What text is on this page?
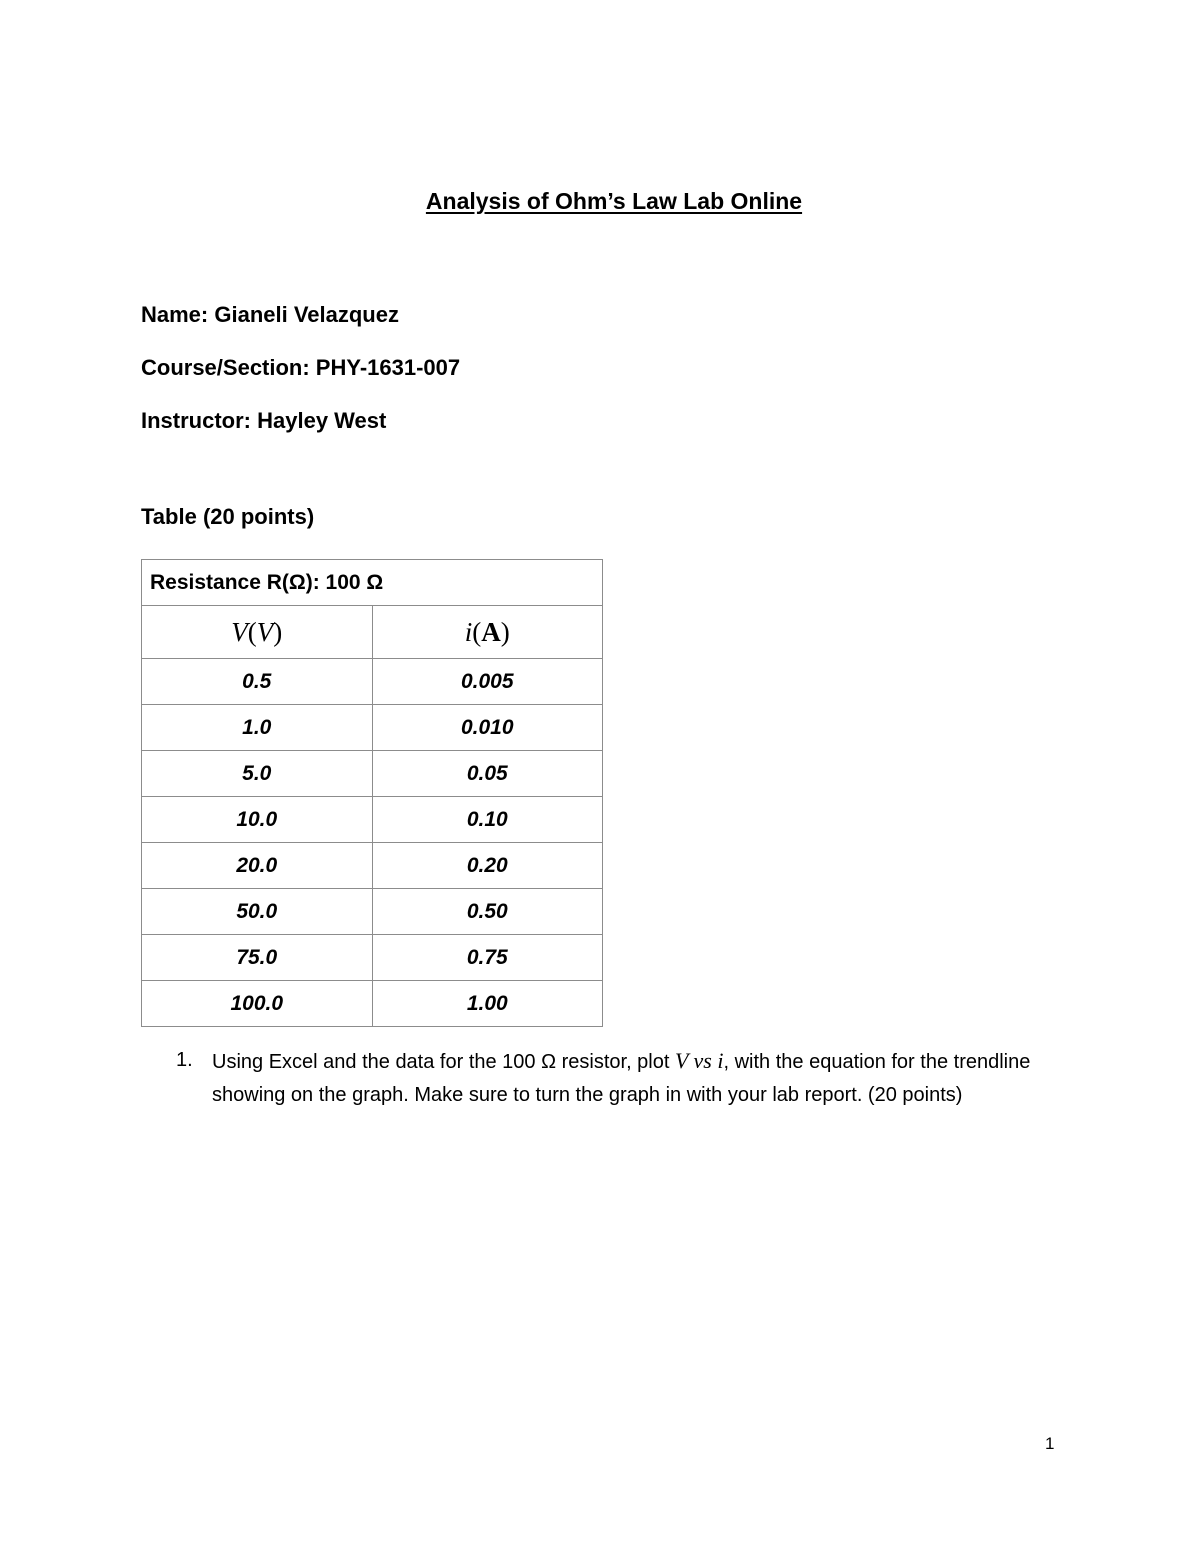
Analysis of Ohm’s Law Lab Online
Name: Gianeli Velazquez
Course/Section: PHY-1631-007
Instructor: Hayley West
Table (20 points)
Resistance R(Ω): 100 Ω	
V(V)	i(A)
0.5	0.005
1.0	0.010
5.0	0.05
10.0	0.10
20.0	0.20
50.0	0.50
75.0	0.75
100.0	1.00
1. Using Excel and the data for the 100 Ω resistor, plot V vs i, with the equation for the trendline showing on the graph. Make sure to turn the graph in with your lab report. (20 points)
1
